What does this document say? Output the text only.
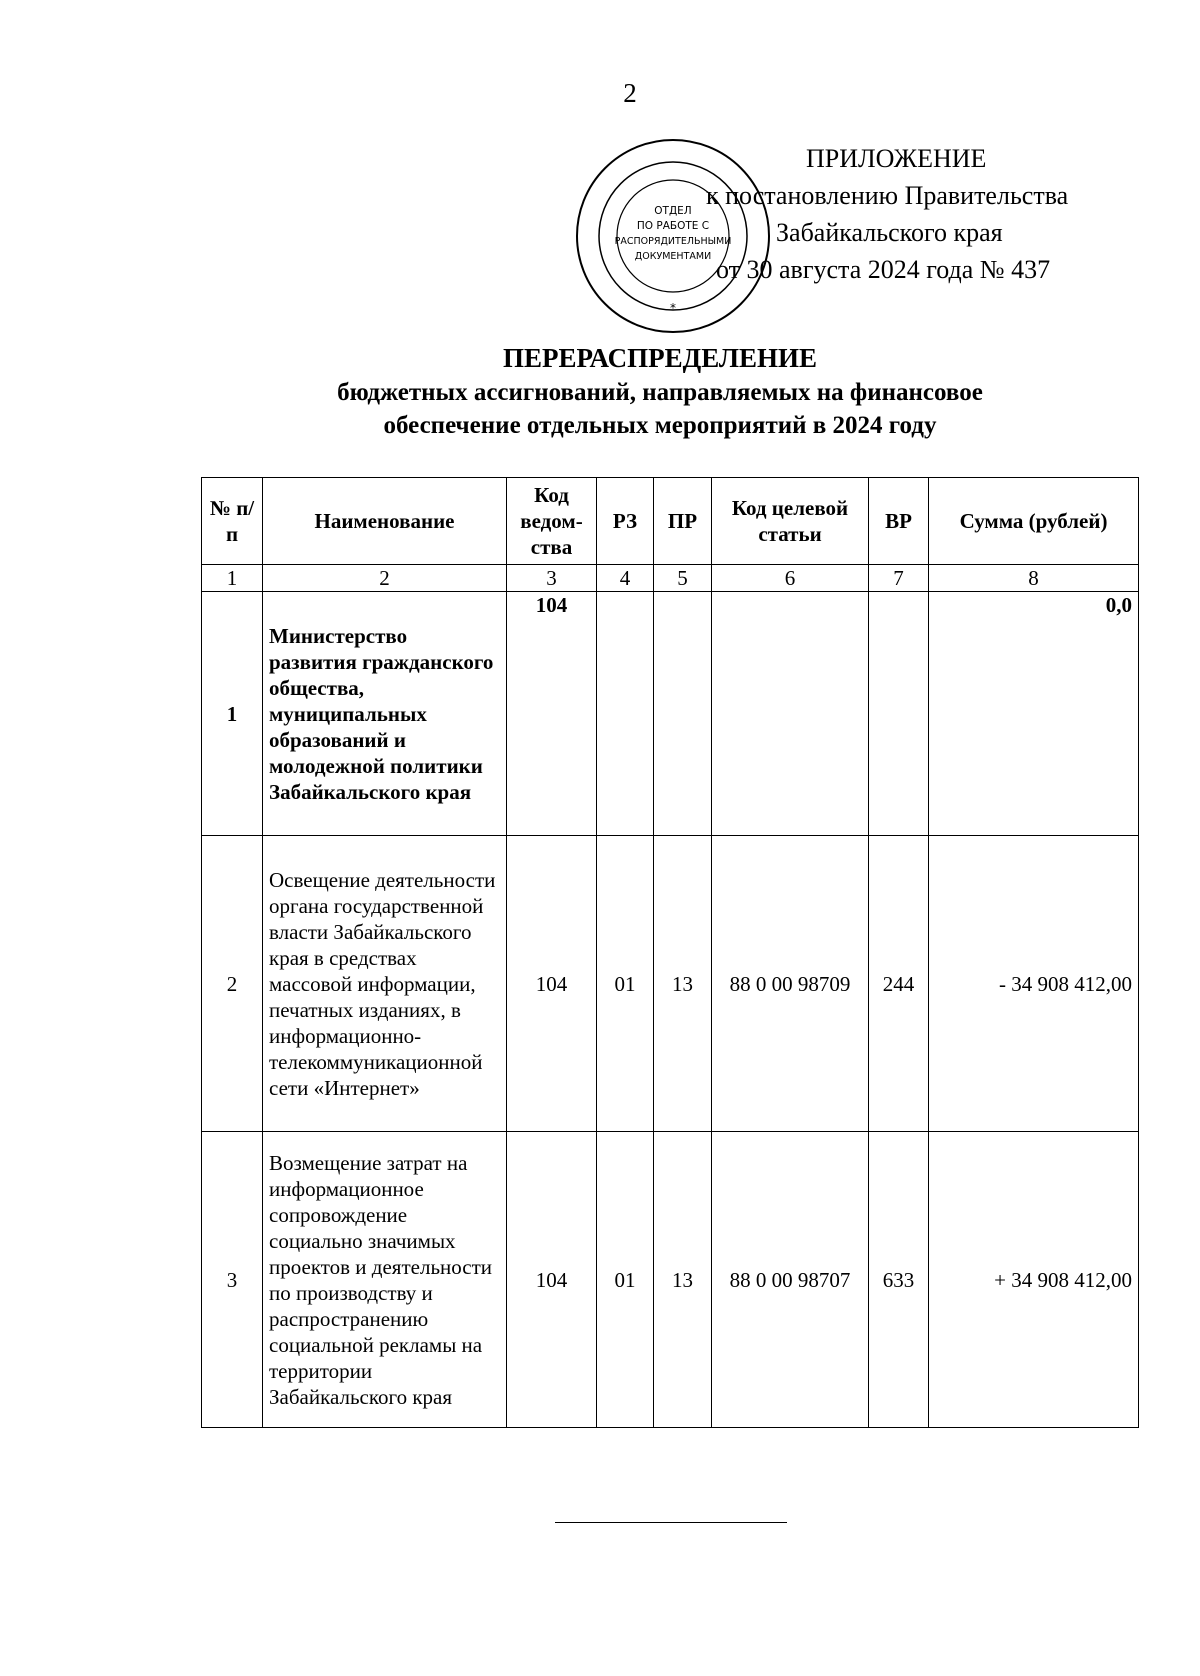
2
ОТДЕЛ
ПО РАБОТЕ С
РАСПОРЯДИТЕЛЬНЫМИ
ДОКУМЕНТАМИ
*
ПРИЛОЖЕНИЕ
к постановлению Правительства
Забайкальского края
от 30 августа 2024 года № 437
ПЕРЕРАСПРЕДЕЛЕНИЕ
бюджетных ассигнований, направляемых на финансовое
обеспечение отдельных мероприятий в 2024 году
№ п/п	Наименование	Код ведом-ства	РЗ	ПР	Код целевой статьи	ВР	Сумма (рублей)
1	2	3	4	5	6	7	8
1	Министерство развития гражданского общества, муниципальных образований и молодежной политики Забайкальского края	104					0,0
2	Освещение деятельности органа государственной власти Забайкальского края в средствах массовой информации, печатных изданиях, в информационно-телекоммуникационной сети «Интернет»	104	01	13	88 0 00 98709	244	- 34 908 412,00
3	Возмещение затрат на информационное сопровождение социально значимых проектов и деятельности по производству и распространению социальной рекламы на территории Забайкальского края	104	01	13	88 0 00 98707	633	+ 34 908 412,00
